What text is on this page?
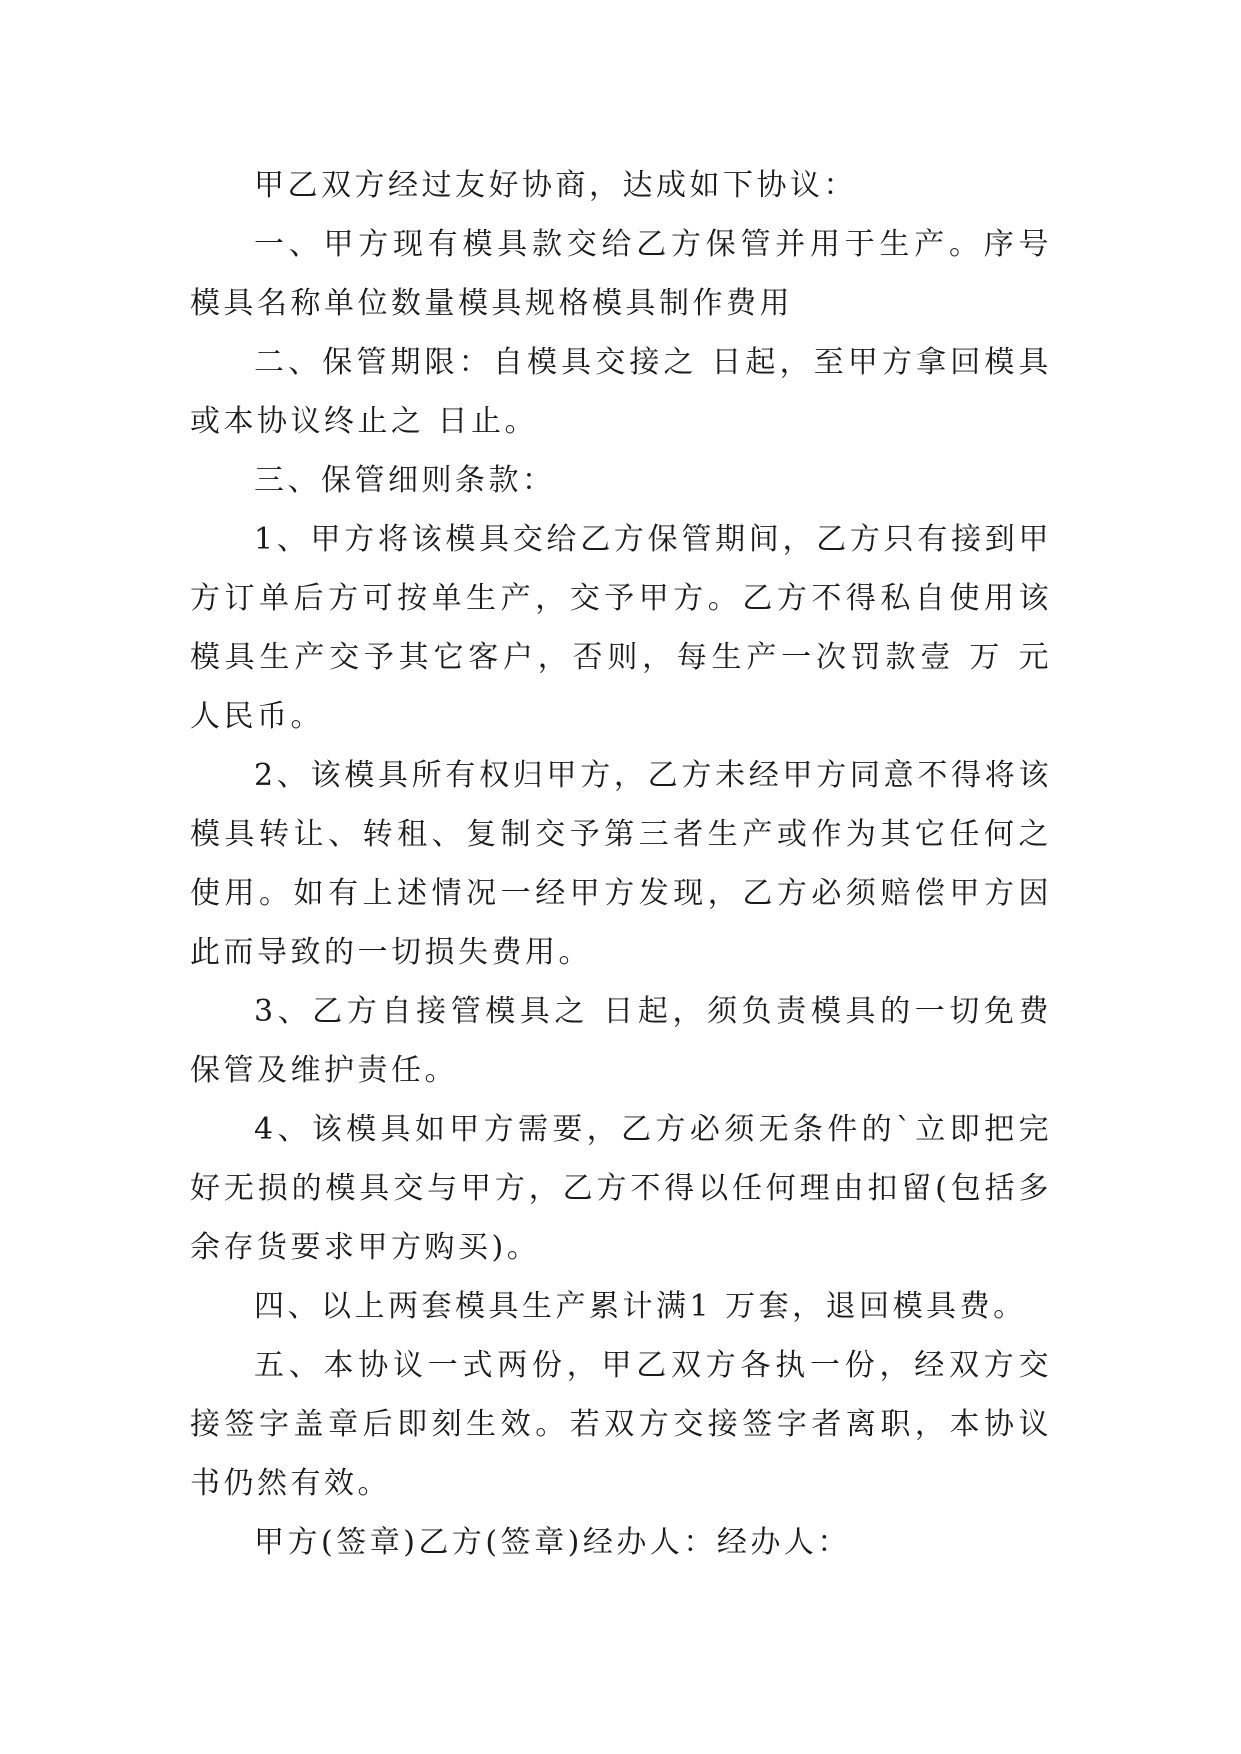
甲乙双方经过友好协商，达成如下协议：

一、甲方现有模具款交给乙方保管并用于生产。序号模具名称单位数量模具规格模具制作费用

二、保管期限：自模具交接之 日起，至甲方拿回模具或本协议终止之 日止。

三、保管细则条款：

1、甲方将该模具交给乙方保管期间，乙方只有接到甲方订单后方可按单生产，交予甲方。乙方不得私自使用该模具生产交予其它客户，否则，每生产一次罚款壹 万 元人民币。

2、该模具所有权归甲方，乙方未经甲方同意不得将该模具转让、转租、复制交予第三者生产或作为其它任何之使用。如有上述情况一经甲方发现，乙方必须赔偿甲方因此而导致的一切损失费用。

3、乙方自接管模具之 日起，须负责模具的一切免费保管及维护责任。

4、该模具如甲方需要，乙方必须无条件的`立即把完好无损的模具交与甲方，乙方不得以任何理由扣留(包括多余存货要求甲方购买)。

四、以上两套模具生产累计满1 万套，退回模具费。

五、本协议一式两份，甲乙双方各执一份，经双方交接签字盖章后即刻生效。若双方交接签字者离职，本协议书仍然有效。

甲方(签章)乙方(签章)经办人：经办人：
